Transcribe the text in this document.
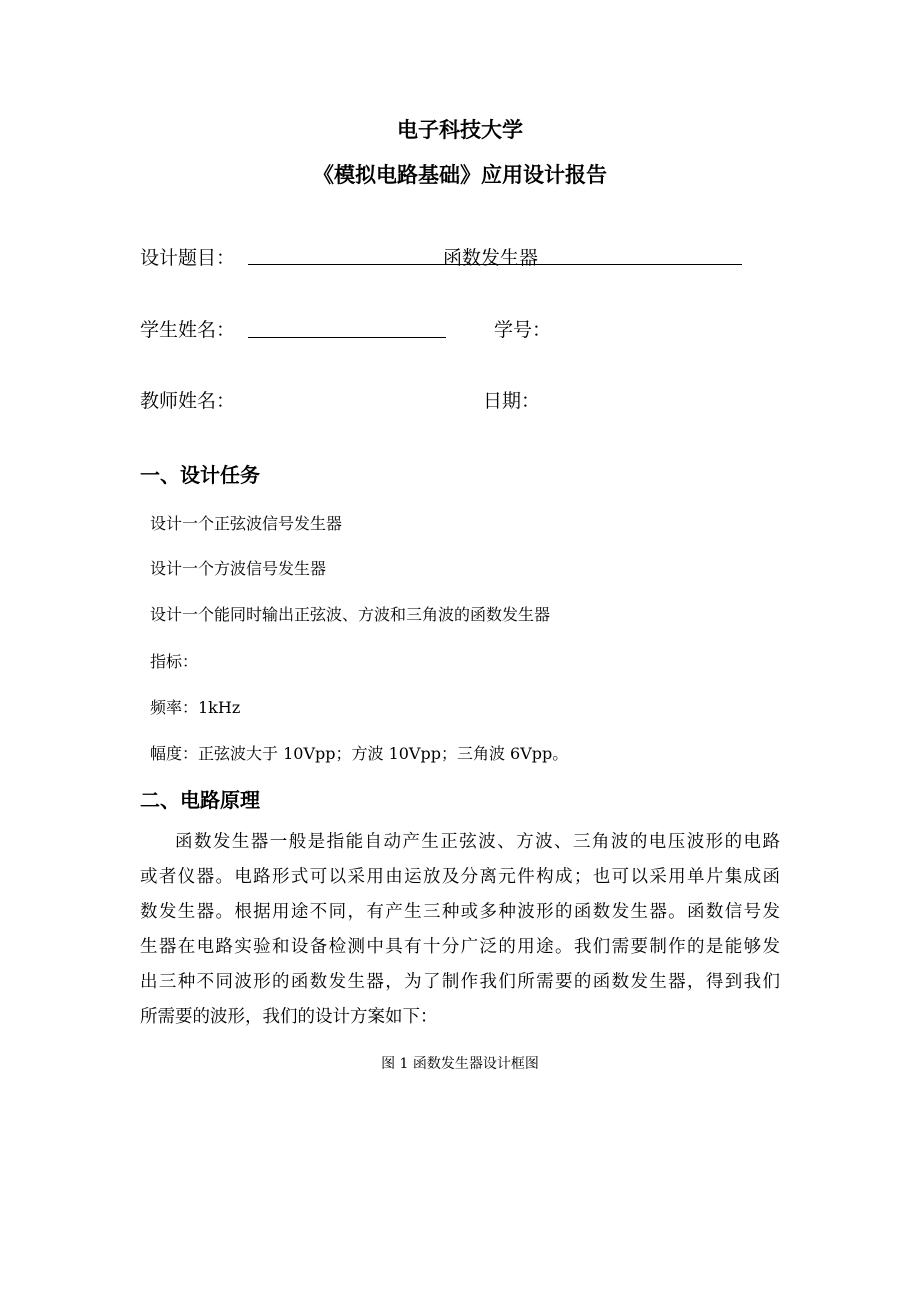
电子科技大学
《模拟电路基础》应用设计报告
设计题目：	函数发生器
学生姓名：	学号：
教师姓名：	日期：
一、设计任务
设计一个正弦波信号发生器
设计一个方波信号发生器
设计一个能同时输出正弦波、方波和三角波的函数发生器
指标：
频率：1kHz
幅度：正弦波大于 10Vpp；方波 10Vpp；三角波 6Vpp。
二、电路原理
函数发生器一般是指能自动产生正弦波、方波、三角波的电压波形的电路
或者仪器。电路形式可以采用由运放及分离元件构成；也可以采用单片集成函
数发生器。根据用途不同，有产生三种或多种波形的函数发生器。函数信号发
生器在电路实验和设备检测中具有十分广泛的用途。我们需要制作的是能够发
出三种不同波形的函数发生器，为了制作我们所需要的函数发生器，得到我们
所需要的波形，我们的设计方案如下：
图 1 函数发生器设计框图
